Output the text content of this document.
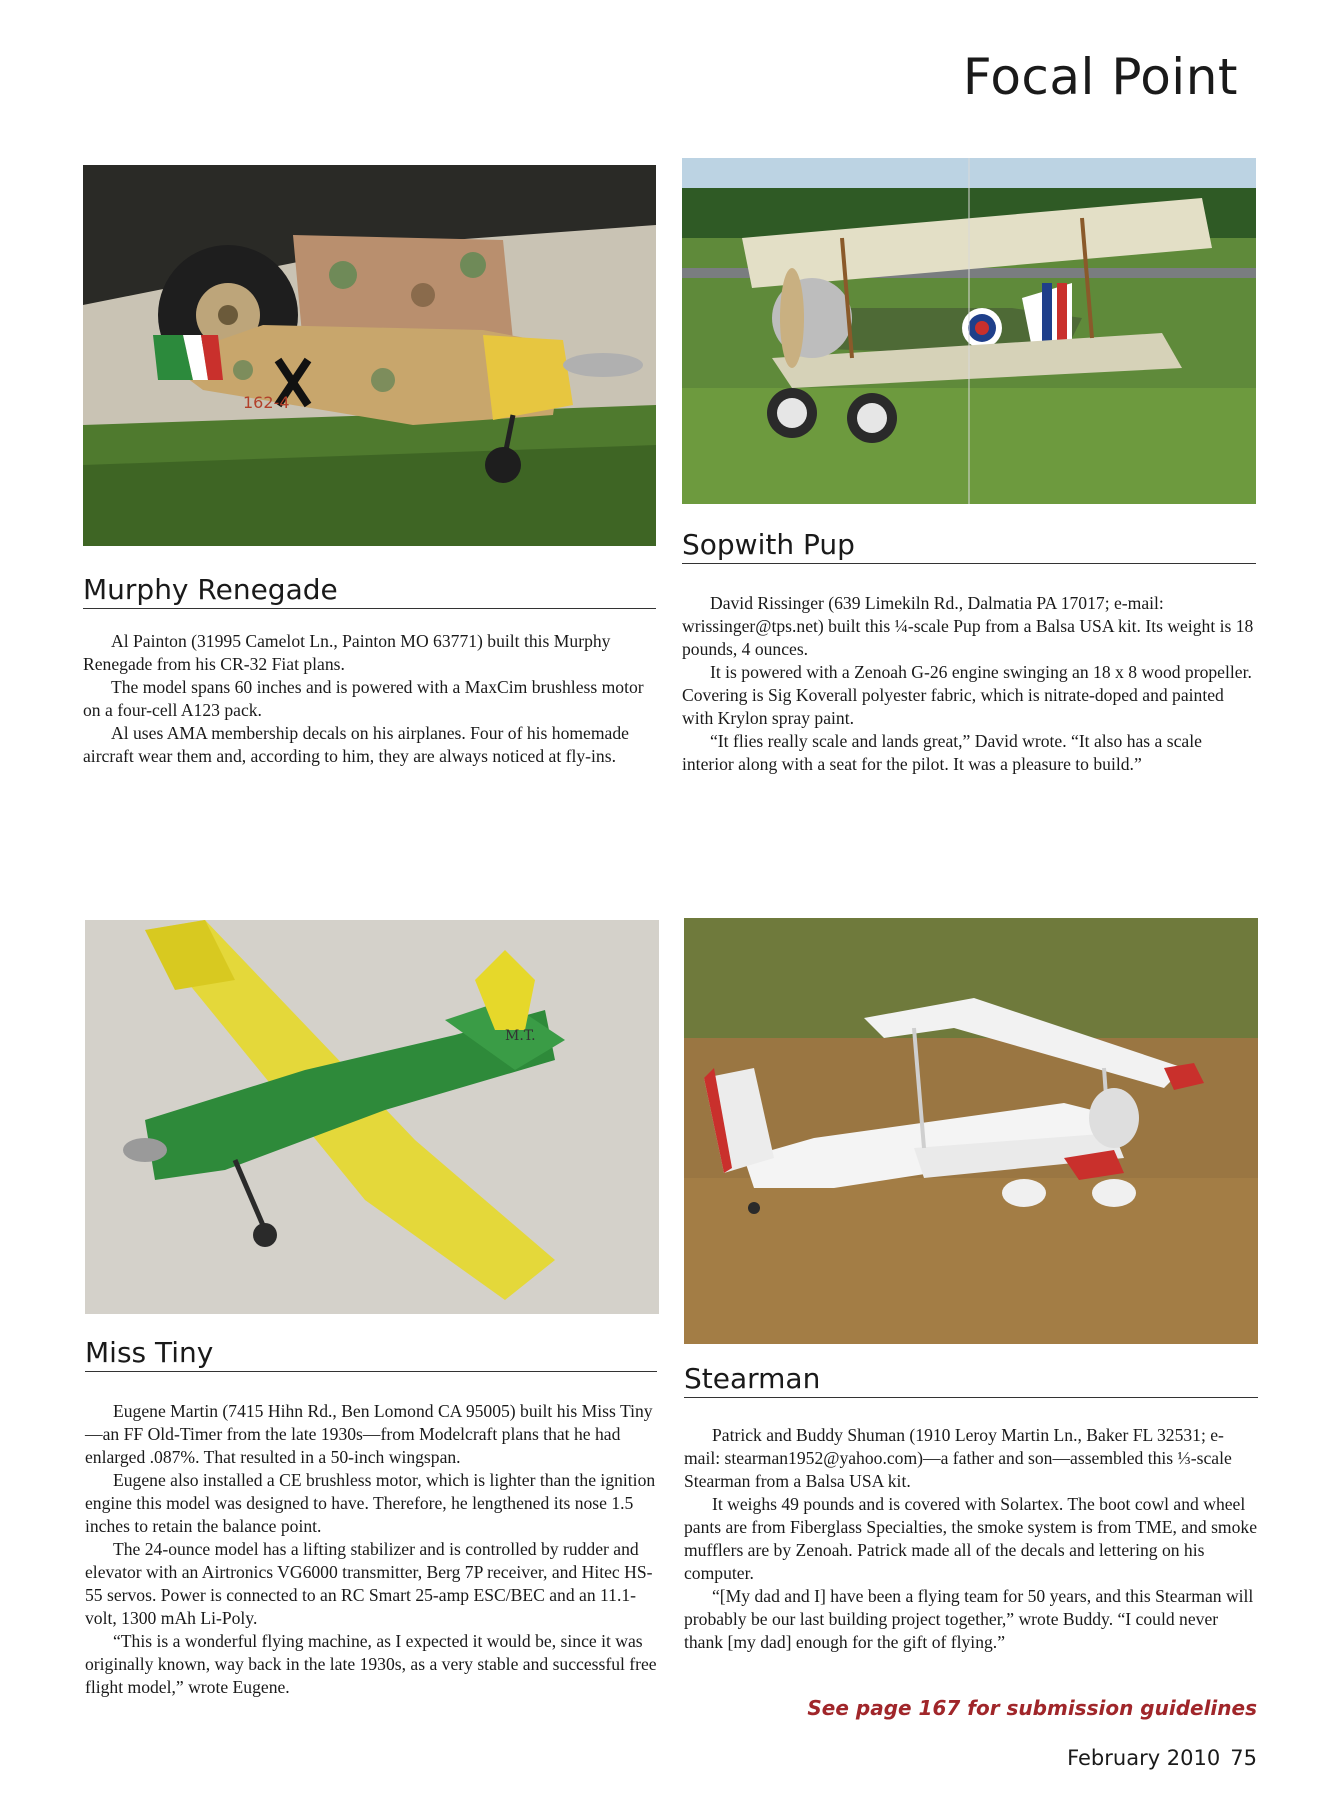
Focal Point
162-4
Murphy Renegade

Al Painton (31995 Camelot Ln., Painton MO 63771) built this Murphy Renegade from his CR-32 Fiat plans.

The model spans 60 inches and is powered with a MaxCim brushless motor on a four-cell A123 pack.

Al uses AMA membership decals on his airplanes. Four of his homemade aircraft wear them and, according to him, they are always noticed at fly-ins.

Sopwith Pup

David Rissinger (639 Limekiln Rd., Dalmatia PA 17017; e-mail: wrissinger@tps.net) built this ¼-scale Pup from a Balsa USA kit. Its weight is 18 pounds, 4 ounces.

It is powered with a Zenoah G-26 engine swinging an 18 x 8 wood propeller. Covering is Sig Koverall polyester fabric, which is nitrate-doped and painted with Krylon spray paint.

“It flies really scale and lands great,” David wrote. “It also has a scale interior along with a seat for the pilot. It was a pleasure to build.”

M.T.
Miss Tiny

Eugene Martin (7415 Hihn Rd., Ben Lomond CA 95005) built his Miss Tiny—an FF Old-Timer from the late 1930s—from Modelcraft plans that he had enlarged .087%. That resulted in a 50-inch wingspan.

Eugene also installed a CE brushless motor, which is lighter than the ignition engine this model was designed to have. Therefore, he lengthened its nose 1.5 inches to retain the balance point.

The 24-ounce model has a lifting stabilizer and is controlled by rudder and elevator with an Airtronics VG6000 transmitter, Berg 7P receiver, and Hitec HS-55 servos. Power is connected to an RC Smart 25-amp ESC/BEC and an 11.1-volt, 1300 mAh Li-Poly.

“This is a wonderful flying machine, as I expected it would be, since it was originally known, way back in the late 1930s, as a very stable and successful free flight model,” wrote Eugene.

Stearman

Patrick and Buddy Shuman (1910 Leroy Martin Ln., Baker FL 32531; e-mail: stearman1952@yahoo.com)—a father and son—assembled this ⅓-scale Stearman from a Balsa USA kit.

It weighs 49 pounds and is covered with Solartex. The boot cowl and wheel pants are from Fiberglass Specialties, the smoke system is from TME, and smoke mufflers are by Zenoah. Patrick made all of the decals and lettering on his computer.

“[My dad and I] have been a flying team for 50 years, and this Stearman will probably be our last building project together,” wrote Buddy. “I could never thank [my dad] enough for the gift of flying.”

See page 167 for submission guidelines

February 2010 75
